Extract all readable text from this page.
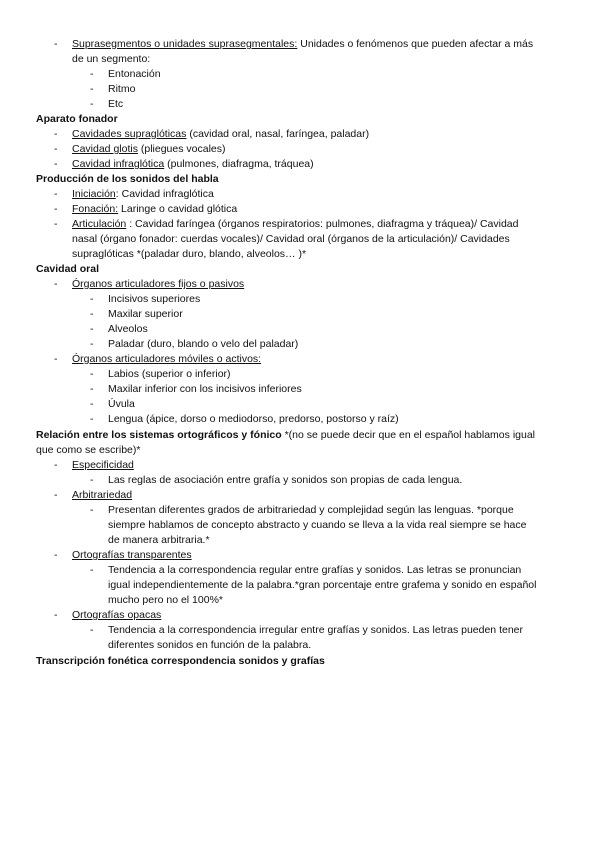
- Suprasegmentos o unidades suprasegmentales: Unidades o fenómenos que pueden afectar a más
de un segmento:
- Entonación
- Ritmo
- Etc
Aparato fonador
- Cavidades supraglóticas (cavidad oral, nasal, faríngea, paladar)
- Cavidad glotis (pliegues vocales)
- Cavidad infraglótica (pulmones, diafragma, tráquea)
Producción de los sonidos del habla
- Iniciación: Cavidad infraglótica
- Fonación: Laringe o cavidad glótica
- Articulación : Cavidad faríngea (órganos respiratorios: pulmones, diafragma y tráquea)/ Cavidad
nasal (órgano fonador: cuerdas vocales)/ Cavidad oral (órganos de la articulación)/ Cavidades
supraglóticas *(paladar duro, blando, alveolos… )*
Cavidad oral
- Órganos articuladores fijos o pasivos
- Incisivos superiores
- Maxilar superior
- Alveolos
- Paladar (duro, blando o velo del paladar)
- Órganos articuladores móviles o activos:
- Labios (superior o inferior)
- Maxilar inferior con los incisivos inferiores
- Úvula
- Lengua (ápice, dorso o mediodorso, predorso, postorso y raíz)
Relación entre los sistemas ortográficos y fónico *(no se puede decir que en el español hablamos igual
que como se escribe)*
- Especificidad
- Las reglas de asociación entre grafía y sonidos son propias de cada lengua.
- Arbitrariedad
- Presentan diferentes grados de arbitrariedad y complejidad según las lenguas. *porque
siempre hablamos de concepto abstracto y cuando se lleva a la vida real siempre se hace
de manera arbitraria.*
- Ortografías transparentes
- Tendencia a la correspondencia regular entre grafías y sonidos. Las letras se pronuncian
igual independientemente de la palabra.*gran porcentaje entre grafema y sonido en español
mucho pero no el 100%*
- Ortografías opacas
- Tendencia a la correspondencia irregular entre grafías y sonidos. Las letras pueden tener
diferentes sonidos en función de la palabra.
Transcripción fonética correspondencia sonidos y grafías
